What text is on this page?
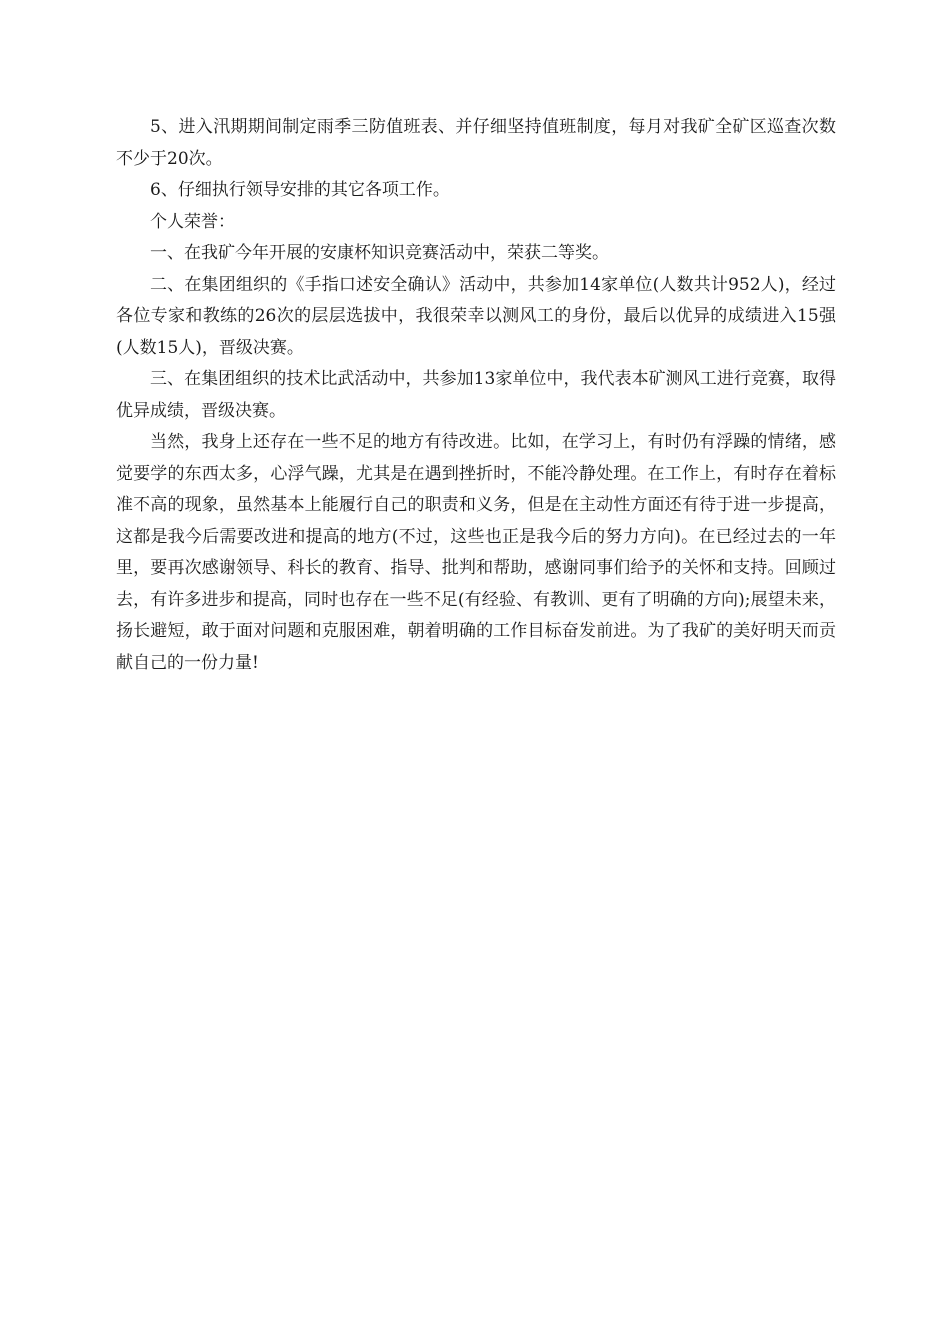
5、进入汛期期间制定雨季三防值班表、并仔细坚持值班制度，每月对我矿全矿区巡查次数不少于20次。

6、仔细执行领导安排的其它各项工作。

个人荣誉：

一、在我矿今年开展的安康杯知识竞赛活动中，荣获二等奖。

二、在集团组织的《手指口述安全确认》活动中，共参加14家单位(人数共计952人)，经过各位专家和教练的26次的层层选拔中，我很荣幸以测风工的身份，最后以优异的成绩进入15强(人数15人)，晋级决赛。

三、在集团组织的技术比武活动中，共参加13家单位中，我代表本矿测风工进行竞赛，取得优异成绩，晋级决赛。

当然，我身上还存在一些不足的地方有待改进。比如，在学习上，有时仍有浮躁的情绪，感觉要学的东西太多，心浮气躁，尤其是在遇到挫折时，不能冷静处理。在工作上，有时存在着标准不高的现象，虽然基本上能履行自己的职责和义务，但是在主动性方面还有待于进一步提高，这都是我今后需要改进和提高的地方(不过，这些也正是我今后的努力方向)。在已经过去的一年里，要再次感谢领导、科长的教育、指导、批判和帮助，感谢同事们给予的关怀和支持。回顾过去，有许多进步和提高，同时也存在一些不足(有经验、有教训、更有了明确的方向);展望未来，扬长避短，敢于面对问题和克服困难，朝着明确的工作目标奋发前进。为了我矿的美好明天而贡献自己的一份力量!
